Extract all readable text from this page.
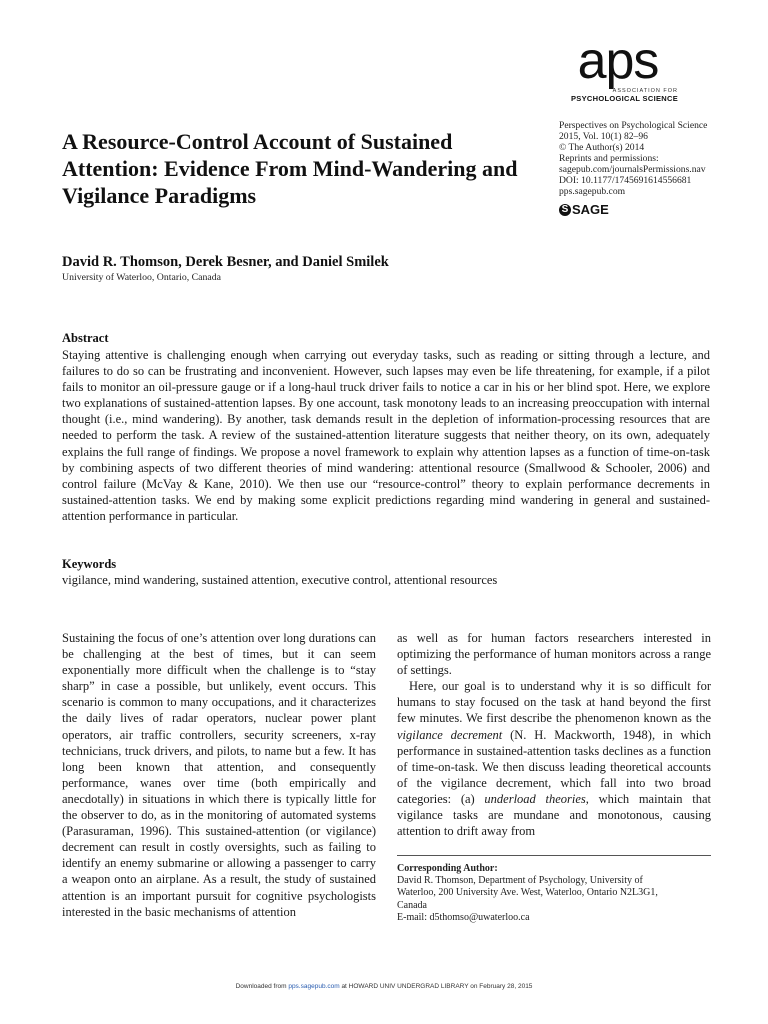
aps
ASSOCIATION FOR
PSYCHOLOGICAL SCIENCE
Perspectives on Psychological Science
2015, Vol. 10(1) 82–96
© The Author(s) 2014
Reprints and permissions:
sagepub.com/journalsPermissions.nav
DOI: 10.1177/1745691614556681
pps.sagepub.com
S SAGE
A Resource-Control Account of Sustained Attention: Evidence From Mind-Wandering and Vigilance Paradigms
David R. Thomson, Derek Besner, and Daniel Smilek
University of Waterloo, Ontario, Canada
Abstract
Staying attentive is challenging enough when carrying out everyday tasks, such as reading or sitting through a lecture, and failures to do so can be frustrating and inconvenient. However, such lapses may even be life threatening, for example, if a pilot fails to monitor an oil-pressure gauge or if a long-haul truck driver fails to notice a car in his or her blind spot. Here, we explore two explanations of sustained-attention lapses. By one account, task monotony leads to an increasing preoccupation with internal thought (i.e., mind wandering). By another, task demands result in the depletion of information-processing resources that are needed to perform the task. A review of the sustained-attention literature suggests that neither theory, on its own, adequately explains the full range of findings. We propose a novel framework to explain why attention lapses as a function of time-on-task by combining aspects of two different theories of mind wandering: attentional resource (Smallwood & Schooler, 2006) and control failure (McVay & Kane, 2010). We then use our “resource-control” theory to explain performance decrements in sustained-attention tasks. We end by making some explicit predictions regarding mind wandering in general and sustained-attention performance in particular.
Keywords
vigilance, mind wandering, sustained attention, executive control, attentional resources

Sustaining the focus of one’s attention over long durations can be challenging at the best of times, but it can seem exponentially more difficult when the challenge is to “stay sharp” in case a possible, but unlikely, event occurs. This scenario is common to many occupations, and it characterizes the daily lives of radar operators, nuclear power plant operators, air traffic controllers, security screeners, x-ray technicians, truck drivers, and pilots, to name but a few. It has long been known that attention, and consequently performance, wanes over time (both empirically and anecdotally) in situations in which there is typically little for the observer to do, as in the monitoring of automated systems (Parasuraman, 1996). This sustained-attention (or vigilance) decrement can result in costly oversights, such as failing to identify an enemy submarine or allowing a passenger to carry a weapon onto an airplane. As a result, the study of sustained attention is an important pursuit for cognitive psychologists interested in the basic mechanisms of attention

as well as for human factors researchers interested in optimizing the performance of human monitors across a range of settings.

Here, our goal is to understand why it is so difficult for humans to stay focused on the task at hand beyond the first few minutes. We first describe the phenomenon known as the vigilance decrement (N. H. Mackworth, 1948), in which performance in sustained-attention tasks declines as a function of time-on-task. We then discuss leading theoretical accounts of the vigilance decrement, which fall into two broad categories: (a) underload theories, which maintain that vigilance tasks are mundane and monotonous, causing attention to drift away from

Corresponding Author:
David R. Thomson, Department of Psychology, University of
Waterloo, 200 University Ave. West, Waterloo, Ontario N2L3G1,
Canada
E-mail: d5thomso@uwaterloo.ca
Downloaded from pps.sagepub.com at HOWARD UNIV UNDERGRAD LIBRARY on February 28, 2015
